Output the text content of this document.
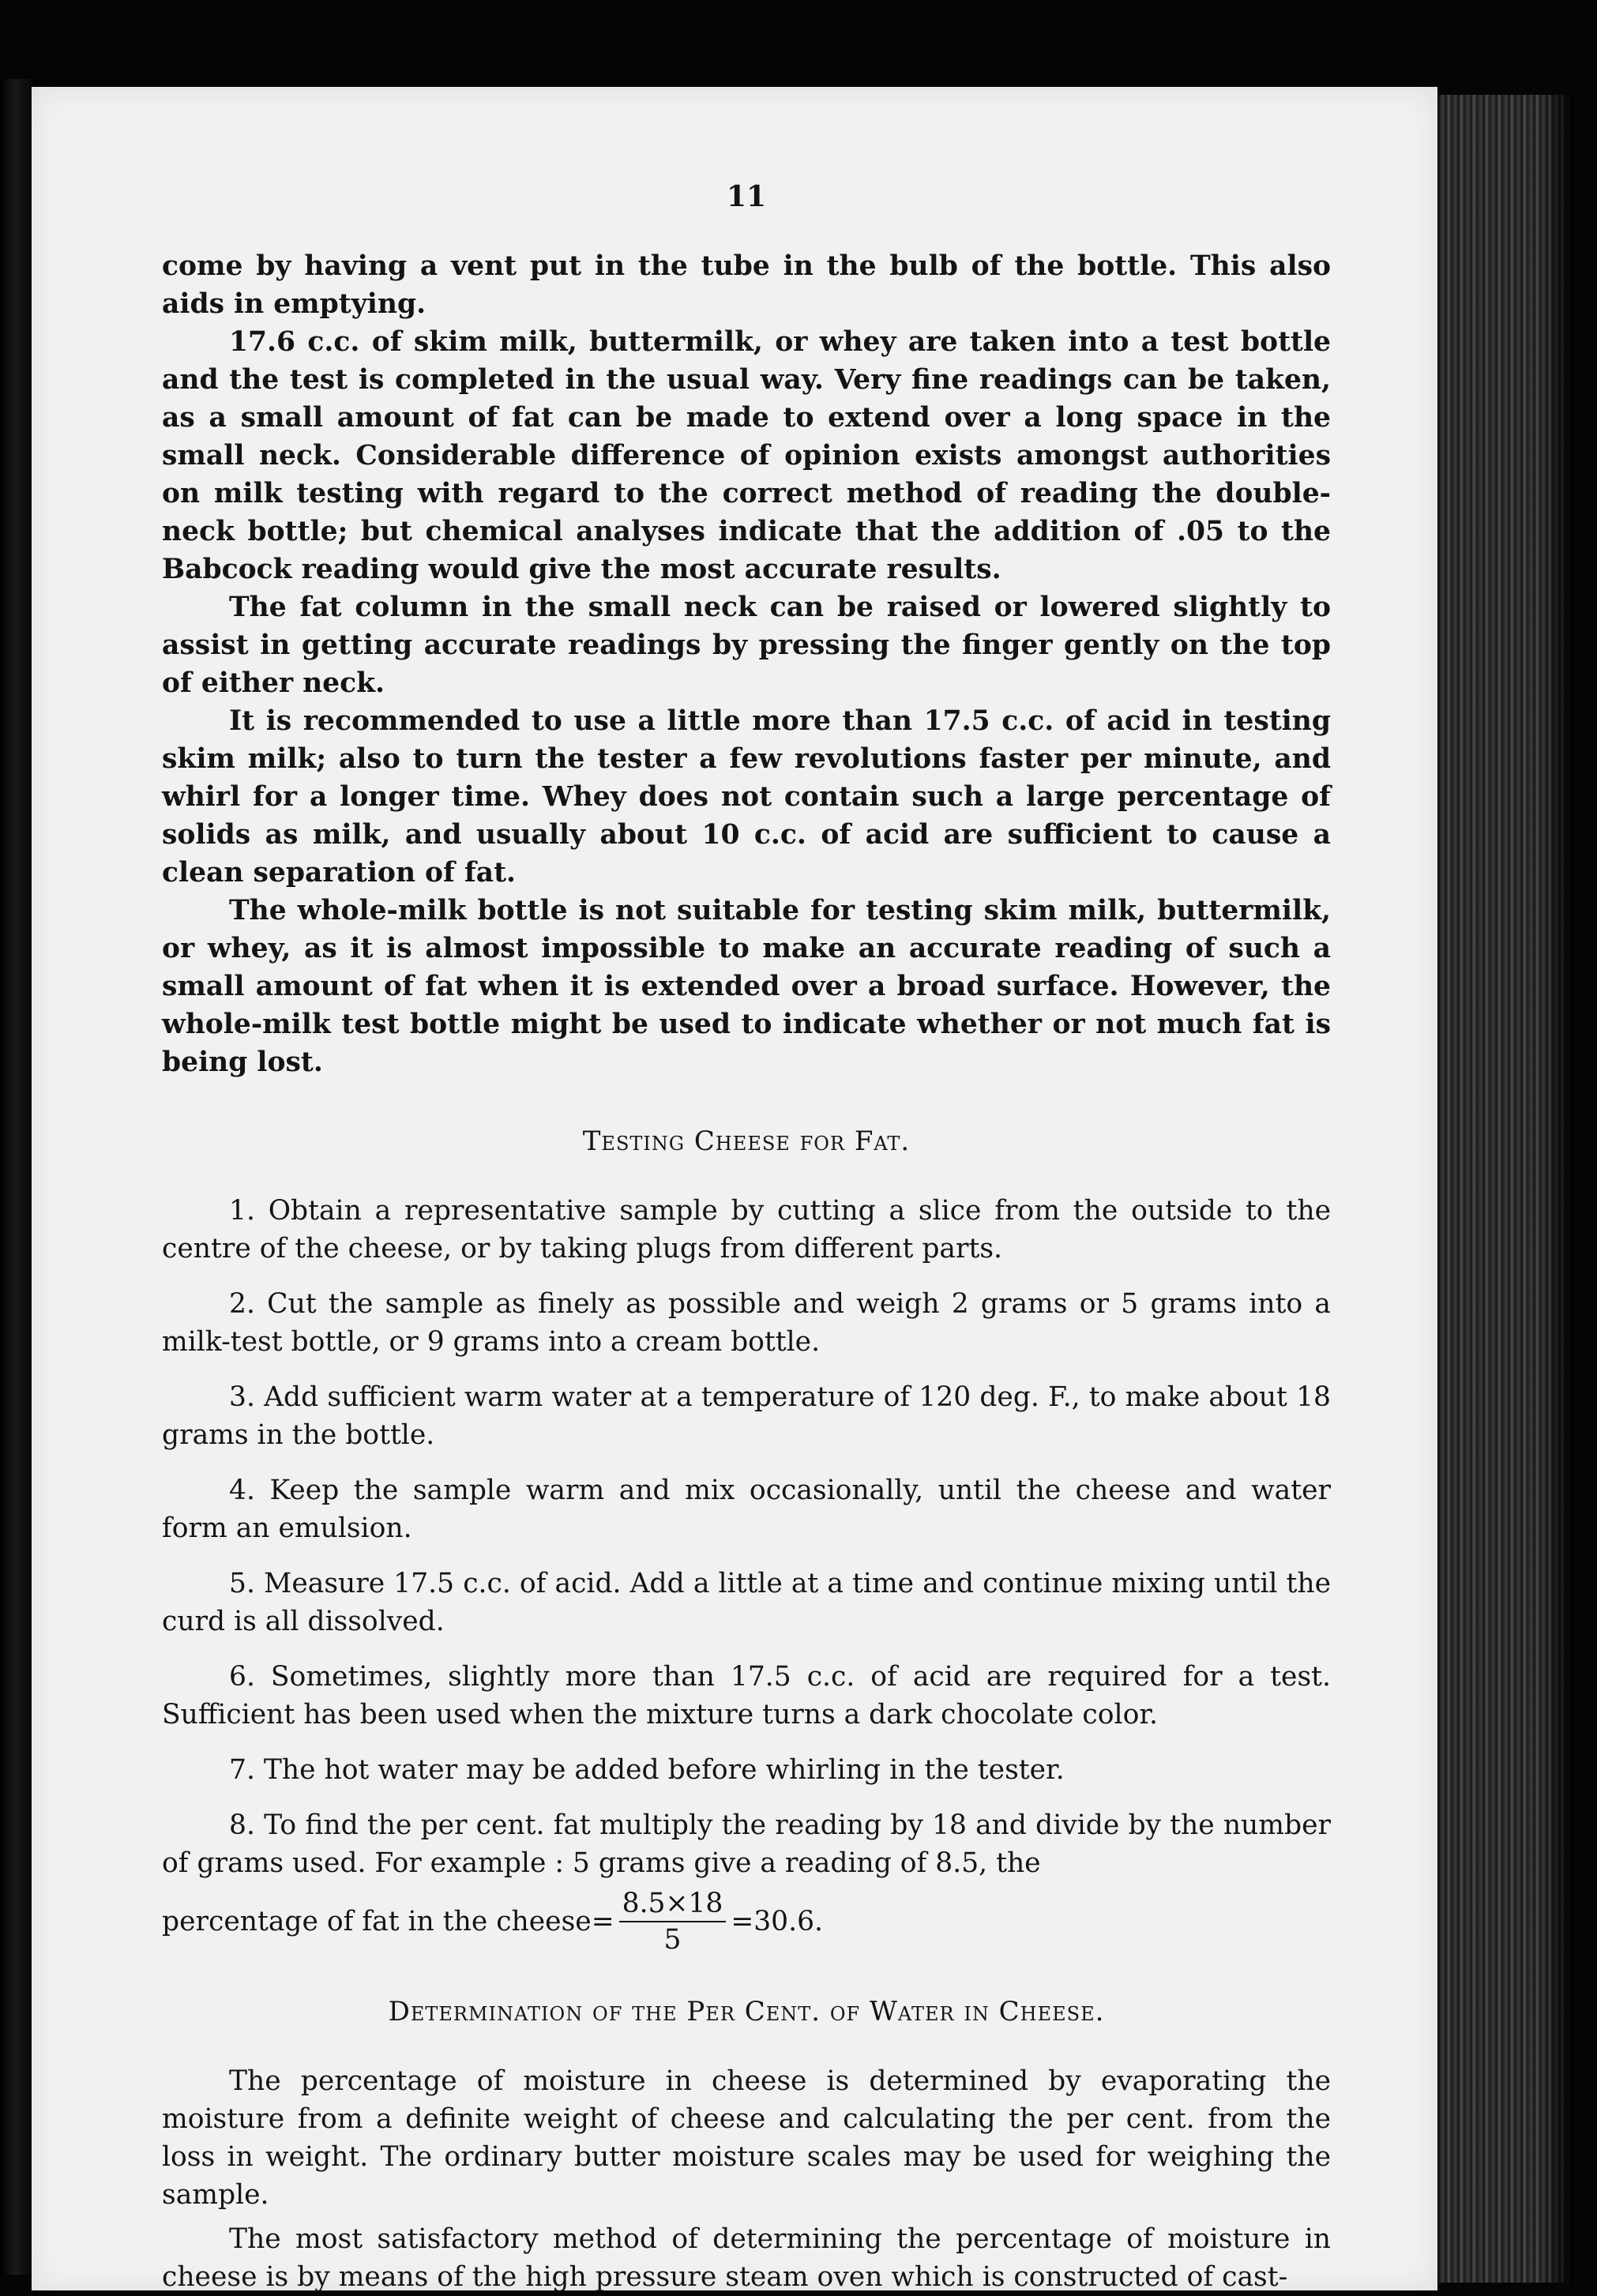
11

come by having a vent put in the tube in the bulb of the bottle. This also aids in emptying.

17.6 c.c. of skim milk, buttermilk, or whey are taken into a test bottle and the test is completed in the usual way. Very fine readings can be taken, as a small amount of fat can be made to extend over a long space in the small neck. Considerable difference of opinion exists amongst authorities on milk testing with regard to the correct method of reading the double-neck bottle; but chemical analyses indicate that the addition of .05 to the Babcock reading would give the most accurate results.

The fat column in the small neck can be raised or lowered slightly to assist in getting accurate readings by pressing the finger gently on the top of either neck.

It is recommended to use a little more than 17.5 c.c. of acid in testing skim milk; also to turn the tester a few revolutions faster per minute, and whirl for a longer time. Whey does not contain such a large percentage of solids as milk, and usually about 10 c.c. of acid are sufficient to cause a clean separation of fat.

The whole-milk bottle is not suitable for testing skim milk, buttermilk, or whey, as it is almost impossible to make an accurate reading of such a small amount of fat when it is extended over a broad surface. However, the whole-milk test bottle might be used to indicate whether or not much fat is being lost.

Testing Cheese for Fat.

1. Obtain a representative sample by cutting a slice from the outside to the centre of the cheese, or by taking plugs from different parts.

2. Cut the sample as finely as possible and weigh 2 grams or 5 grams into a milk-test bottle, or 9 grams into a cream bottle.

3. Add sufficient warm water at a temperature of 120 deg. F., to make about 18 grams in the bottle.

4. Keep the sample warm and mix occasionally, until the cheese and water form an emulsion.

5. Measure 17.5 c.c. of acid. Add a little at a time and continue mixing until the curd is all dissolved.

6. Sometimes, slightly more than 17.5 c.c. of acid are required for a test. Sufficient has been used when the mixture turns a dark chocolate color.

7. The hot water may be added before whirling in the tester.

8. To find the per cent. fat multiply the reading by 18 and divide by the number of grams used. For example : 5 grams give a reading of 8.5, the

percentage of fat in the cheese= $\frac{8.5\times 18}{5} =30.6$.
Determination of the Per Cent. of Water in Cheese.

The percentage of moisture in cheese is determined by evaporating the moisture from a definite weight of cheese and calculating the per cent. from the loss in weight. The ordinary butter moisture scales may be used for weighing the sample.

The most satisfactory method of determining the percentage of moisture in cheese is by means of the high pressure steam oven which is constructed of cast-
